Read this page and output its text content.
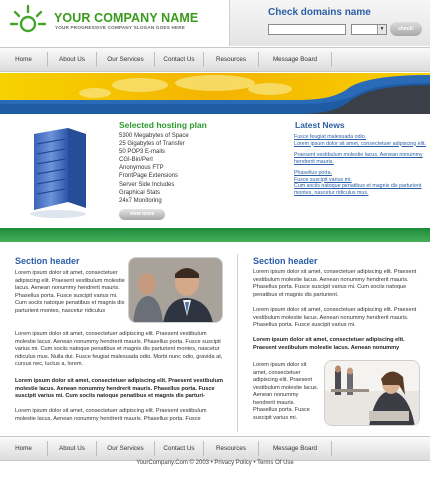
YOUR COMPANY NAME
YOUR PROGRESSIVE COMPANY SLOGAN GOES HERE
Check domains name
▼	check!
Home	About Us	Our Services	Contact Us	Resources	Message Board
Selected hosting plan
5300 Megabytes of Space
25 Gigabytes of Transfer
50 POP3 E-mails
CGI-Bin/Perl
Anonymous FTP
FrontPage Extensions
Server Side Includes
Graphical Stats
24x7 Monitoring
view more
Latest News
Fusce feugiat malesuada odio.
Lorem ipsum dolor sit amet, consectetuer adipiscing elit.
Praesent vestibulum molestie lacus. Aenean nonummy hendrerit mauris.
Phasellus porta.
Fusce suscipit varius mi.
Cum sociis natoque penatibus et magnis dis parturient montes, nascetur ridiculus mus.
Section header
Lorem ipsum dolor sit amet, consectetuer adipiscing elit. Praesent vestibulum molestie lacus. Aenean nonummy hendrerit mauris. Phasellus porta. Fusce suscipit varius mi. Cum sociis natoque penatibus et magnis dis parturient montes, nascetur ridiculus
Lorem ipsum dolor sit amet, consectetuer adipiscing elit. Praesent vestibulum molestie lacus. Aenean nonummy hendrerit mauris. Phasellus porta. Fusce suscipit varius mi. Cum sociis natoque penatibus et magnis dis parturient montes, nascetur ridiculus mus. Nulla dui. Fusce feugiat malesuada odio. Morbi nunc odio, gravida at, cursus nec, luctus a, lorem.
Lorem ipsum dolor sit amet, consectetuer adipiscing elit. Praesent vestibulum molestie lacus. Aenean nonummy hendrerit mauris. Phasellus porta. Fusce suscipit varius mi. Cum sociis natoque penatibus et magnis dis parturi-
Lorem ipsum dolor sit amet, consectetuer adipiscing elit. Praesent vestibulum molestie lacus. Aenean nonummy hendrerit mauris. Phasellus porta. Fusce
Section header
Lorem ipsum dolor sit amet, consectetuer adipiscing elit. Praesent vestibulum molestie lacus. Aenean nonummy hendrerit mauris. Phasellus porta. Fusce suscipit varius mi. Cum sociis natoque penatibus et magnis dis parturient.
Lorem ipsum dolor sit amet, consectetuer adipiscing elit. Praesent vestibulum molestie lacus. Aenean nonummy hendrerit mauris. Phasellus porta. Fusce suscipit varius mi.
Lorem ipsum dolor sit amet, consectetuer adipiscing elit. Praesent vestibulum molestie lacus. Aenean nonummy
Lorem ipsum dolor sit amet, consectetuer adipiscing elit. Praesent vestibulum molestie lacus. Aenean nonummy hendrerit mauris. Phasellus porta. Fusce suscipit varius mi.
Home	About Us	Our Services	Contact Us	Resources	Message Board
YourCompany.Com © 2003 • Privacy Policy • Terms Of Use
